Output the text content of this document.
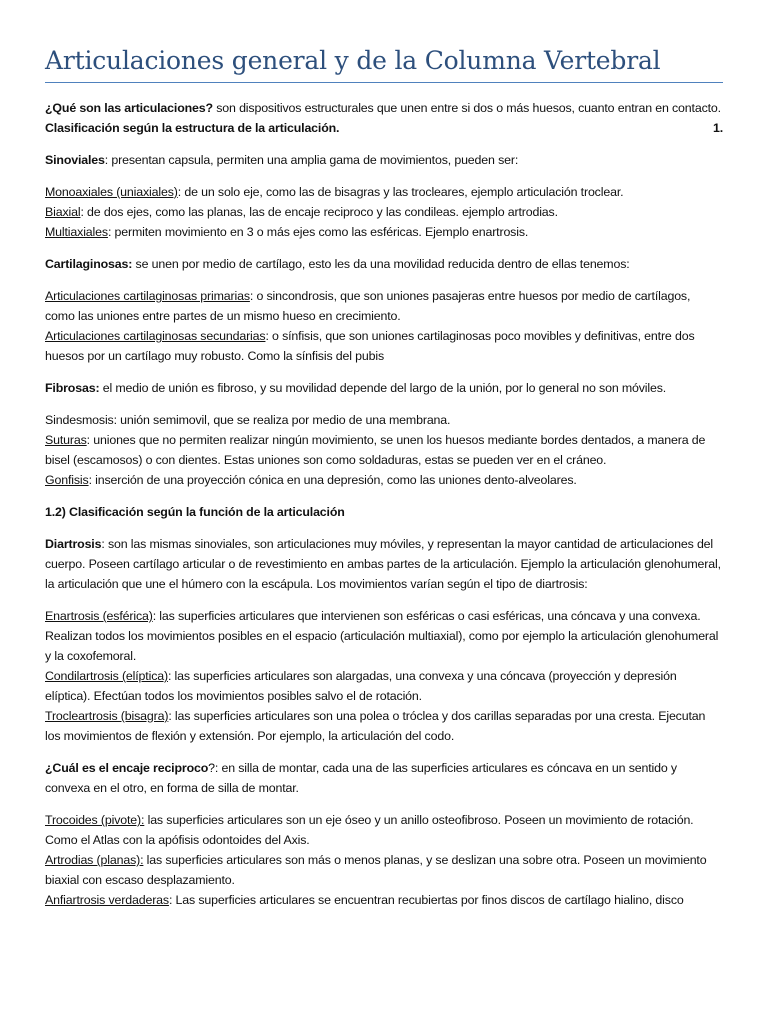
Articulaciones general y de la Columna Vertebral

¿Qué son las articulaciones? son dispositivos estructurales que unen entre si dos o más huesos, cuanto entran en contacto.
1.

Clasificación según la estructura de la articulación.

Sinoviales: presentan capsula, permiten una amplia gama de movimientos, pueden ser:

Monoaxiales (uniaxiales): de un solo eje, como las de bisagras y las trocleares, ejemplo articulación troclear.

Biaxial: de dos ejes, como las planas, las de encaje reciproco y las condileas. ejemplo artrodias.

Multiaxiales: permiten movimiento en 3 o más ejes como las esféricas. Ejemplo enartrosis.

Cartilaginosas: se unen por medio de cartílago, esto les da una movilidad reducida dentro de ellas tenemos:

Articulaciones cartilaginosas primarias: o sincondrosis, que son uniones pasajeras entre huesos por medio de cartílagos, como las uniones entre partes de un mismo hueso en crecimiento.

Articulaciones cartilaginosas secundarias: o sínfisis, que son uniones cartilaginosas poco movibles y definitivas, entre dos huesos por un cartílago muy robusto. Como la sínfisis del pubis

Fibrosas: el medio de unión es fibroso, y su movilidad depende del largo de la unión, por lo general no son móviles.

Sindesmosis: unión semimovil, que se realiza por medio de una membrana.

Suturas: uniones que no permiten realizar ningún movimiento, se unen los huesos mediante bordes dentados, a manera de bisel (escamosos) o con dientes. Estas uniones son como soldaduras, estas se pueden ver en el cráneo.

Gonfisis: inserción de una proyección cónica en una depresión, como las uniones dento-alveolares.

1.2) Clasificación según la función de la articulación

Diartrosis: son las mismas sinoviales, son articulaciones muy móviles, y representan la mayor cantidad de articulaciones del cuerpo. Poseen cartílago articular o de revestimiento en ambas partes de la articulación. Ejemplo la articulación glenohumeral, la articulación que une el húmero con la escápula. Los movimientos varían según el tipo de diartrosis:

Enartrosis (esférica): las superficies articulares que intervienen son esféricas o casi esféricas, una cóncava y una convexa. Realizan todos los movimientos posibles en el espacio (articulación multiaxial), como por ejemplo la articulación glenohumeral y la coxofemoral.

Condilartrosis (elíptica): las superficies articulares son alargadas, una convexa y una cóncava (proyección y depresión elíptica). Efectúan todos los movimientos posibles salvo el de rotación.

Trocleartrosis (bisagra): las superficies articulares son una polea o tróclea y dos carillas separadas por una cresta. Ejecutan los movimientos de flexión y extensión. Por ejemplo, la articulación del codo.

¿Cuál es el encaje reciproco?: en silla de montar, cada una de las superficies articulares es cóncava en un sentido y convexa en el otro, en forma de silla de montar.

Trocoides (pivote): las superficies articulares son un eje óseo y un anillo osteofibroso. Poseen un movimiento de rotación. Como el Atlas con la apófisis odontoides del Axis.

Artrodias (planas): las superficies articulares son más o menos planas, y se deslizan una sobre otra. Poseen un movimiento biaxial con escaso desplazamiento.

Anfiartrosis verdaderas: Las superficies articulares se encuentran recubiertas por finos discos de cartílago hialino, disco
